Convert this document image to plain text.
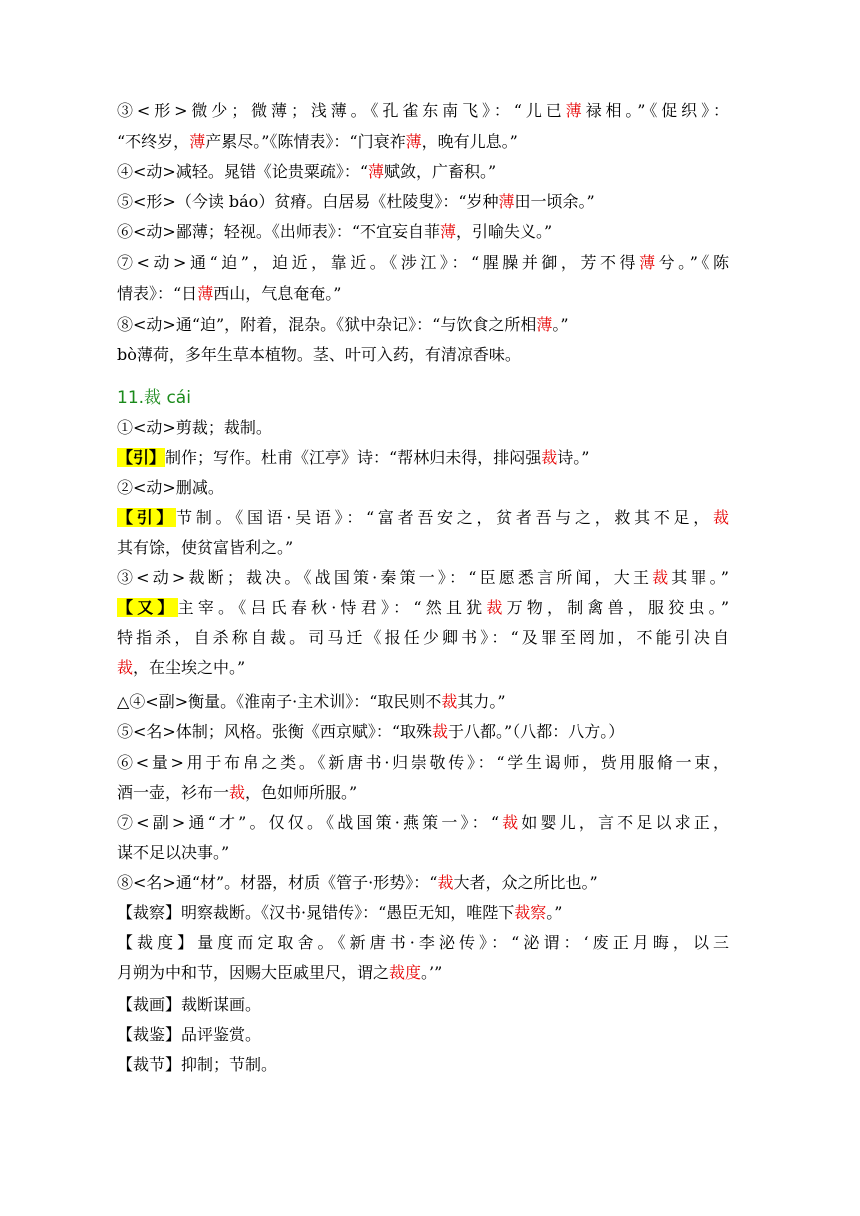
③<形>微少；微薄；浅薄。《孔雀东南飞》：“儿已薄禄相。”《促织》：
“不终岁，薄产累尽。”《陈情表》：“门衰祚薄，晚有儿息。”
④<动>减轻。晁错《论贵粟疏》：“薄赋敛，广畜积。”
⑤<形>（今读 báo）贫瘠。白居易《杜陵叟》：“岁种薄田一顷余。”
⑥<动>鄙薄；轻视。《出师表》：“不宜妄自菲薄，引喻失义。”
⑦<动>通“迫”，迫近，靠近。《涉江》：“腥臊并御，芳不得薄兮。”《陈
情表》：“日薄西山，气息奄奄。”
⑧<动>通“迫”，附着，混杂。《狱中杂记》：“与饮食之所相薄。”
bò薄荷，多年生草本植物。茎、叶可入药，有清凉香味。
11.裁 cái
①<动>剪裁；裁制。
【引】制作；写作。杜甫《江亭》诗：“帮林归未得，排闷强裁诗。”
②<动>删减。
【引】节制。《国语·吴语》：“富者吾安之，贫者吾与之，救其不足，裁
其有馀，使贫富皆利之。”
③<动>裁断；裁决。《战国策·秦策一》：“臣愿悉言所闻，大王裁其罪。”
【又】主宰。《吕氏春秋·恃君》：“然且犹裁万物，制禽兽，服狡虫。”
特指杀，自杀称自裁。司马迁《报任少卿书》：“及罪至罔加，不能引决自
裁，在尘埃之中。”
△④<副>衡量。《淮南子·主术训》：“取民则不裁其力。”
⑤<名>体制；风格。张衡《西京赋》：“取殊裁于八都。”（八都：八方。）
⑥<量>用于布帛之类。《新唐书·归崇敬传》：“学生谒师，赀用服脩一束，
酒一壶，衫布一裁，色如师所服。”
⑦<副>通“才”。仅仅。《战国策·燕策一》：“裁如婴儿，言不足以求正，
谋不足以决事。”
⑧<名>通“材”。材器，材质《管子·形势》：“裁大者，众之所比也。”
【裁察】明察裁断。《汉书·晁错传》：“愚臣无知，唯陛下裁察。”
【裁度】量度而定取舍。《新唐书·李泌传》：“泌谓：‘废正月晦，以三
月朔为中和节，因赐大臣戚里尺，谓之裁度。’”
【裁画】裁断谋画。
【裁鉴】品评鉴赏。
【裁节】抑制；节制。
